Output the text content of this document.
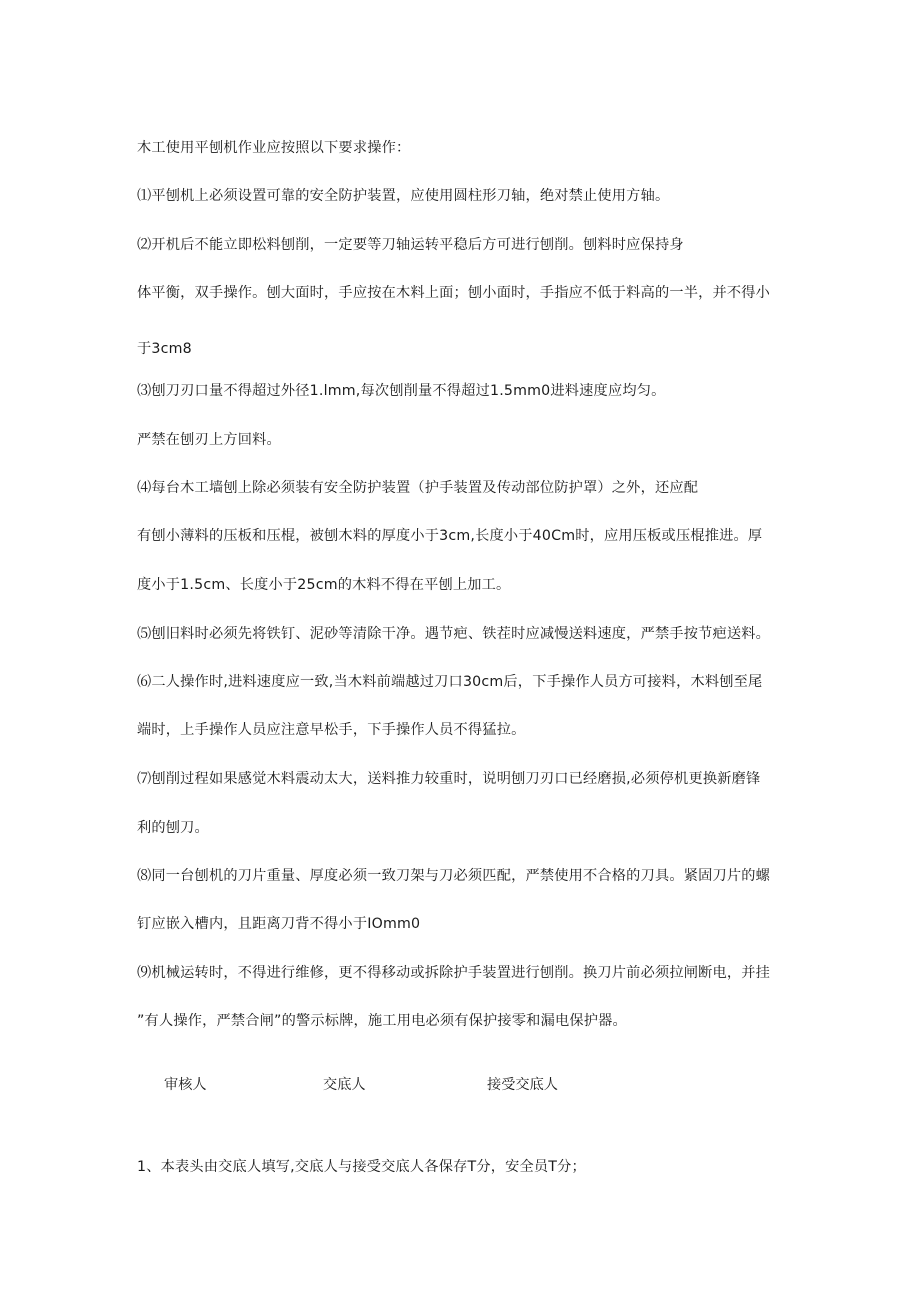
木工使用平刨机作业应按照以下要求操作：
⑴平刨机上必须设置可靠的安全防护装置，应使用圆柱形刀轴，绝对禁止使用方轴。
⑵开机后不能立即松料刨削，一定要等刀轴运转平稳后方可进行刨削。刨料时应保持身
体平衡，双手操作。刨大面时，手应按在木料上面；刨小面时，手指应不低于料高的一半，并不得小
于3cm8
⑶刨刀刃口量不得超过外径1.lmm,每次刨削量不得超过1.5mm0进料速度应均匀。
严禁在刨刃上方回料。
⑷每台木工墙刨上除必须装有安全防护装置（护手装置及传动部位防护罩）之外，还应配
有刨小薄料的压板和压棍，被刨木料的厚度小于3cm,长度小于40Cm时，应用压板或压棍推进。厚
度小于1.5cm、长度小于25cm的木料不得在平刨上加工。
⑸刨旧料时必须先将铁钉、泥砂等清除干净。遇节疤、铁茬时应减慢送料速度，严禁手按节疤送料。
⑹二人操作时,进料速度应一致,当木料前端越过刀口30cm后，下手操作人员方可接料，木料刨至尾
端时，上手操作人员应注意早松手，下手操作人员不得猛拉。
⑺刨削过程如果感觉木料震动太大，送料推力较重时，说明刨刀刃口已经磨损,必须停机更换新磨锋
利的刨刀。
⑻同一台刨机的刀片重量、厚度必须一致刀架与刀必须匹配，严禁使用不合格的刀具。紧固刀片的螺
钉应嵌入槽内，且距离刀背不得小于IOmm0
⑼机械运转时，不得进行维修，更不得移动或拆除护手装置进行刨削。换刀片前必须拉闸断电，并挂
”有人操作，严禁合闸”的警示标牌，施工用电必须有保护接零和漏电保护器。
审核人	交底人	接受交底人
1、本表头由交底人填写,交底人与接受交底人各保存T分，安全员T分；
